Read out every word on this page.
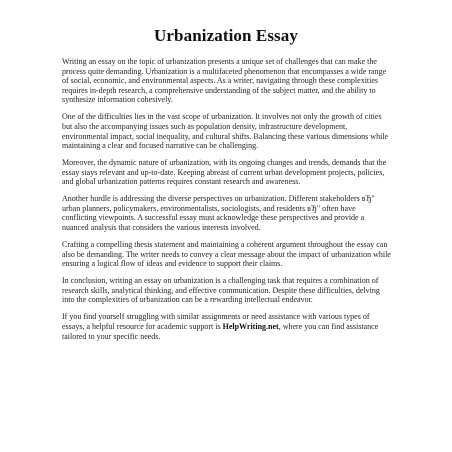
Urbanization Essay

Writing an essay on the topic of urbanization presents a unique set of challenges that can make the process quite demanding. Urbanization is a multifaceted phenomenon that encompasses a wide range of social, economic, and environmental aspects. As a writer, navigating through these complexities requires in-depth research, a comprehensive understanding of the subject matter, and the ability to synthesize information cohesively.

One of the difficulties lies in the vast scope of urbanization. It involves not only the growth of cities but also the accompanying issues such as population density, infrastructure development, environmental impact, social inequality, and cultural shifts. Balancing these various dimensions while maintaining a clear and focused narrative can be challenging.

Moreover, the dynamic nature of urbanization, with its ongoing changes and trends, demands that the essay stays relevant and up-to-date. Keeping abreast of current urban development projects, policies, and global urbanization patterns requires constant research and awareness.

Another hurdle is addressing the diverse perspectives on urbanization. Different stakeholders вЂ" urban planners, policymakers, environmentalists, sociologists, and residents вЂ" often have conflicting viewpoints. A successful essay must acknowledge these perspectives and provide a nuanced analysis that considers the various interests involved.

Crafting a compelling thesis statement and maintaining a coherent argument throughout the essay can also be demanding. The writer needs to convey a clear message about the impact of urbanization while ensuring a logical flow of ideas and evidence to support their claims.

In conclusion, writing an essay on urbanization is a challenging task that requires a combination of research skills, analytical thinking, and effective communication. Despite these difficulties, delving into the complexities of urbanization can be a rewarding intellectual endeavor.

If you find yourself struggling with similar assignments or need assistance with various types of essays, a helpful resource for academic support is HelpWriting.net, where you can find assistance tailored to your specific needs.
